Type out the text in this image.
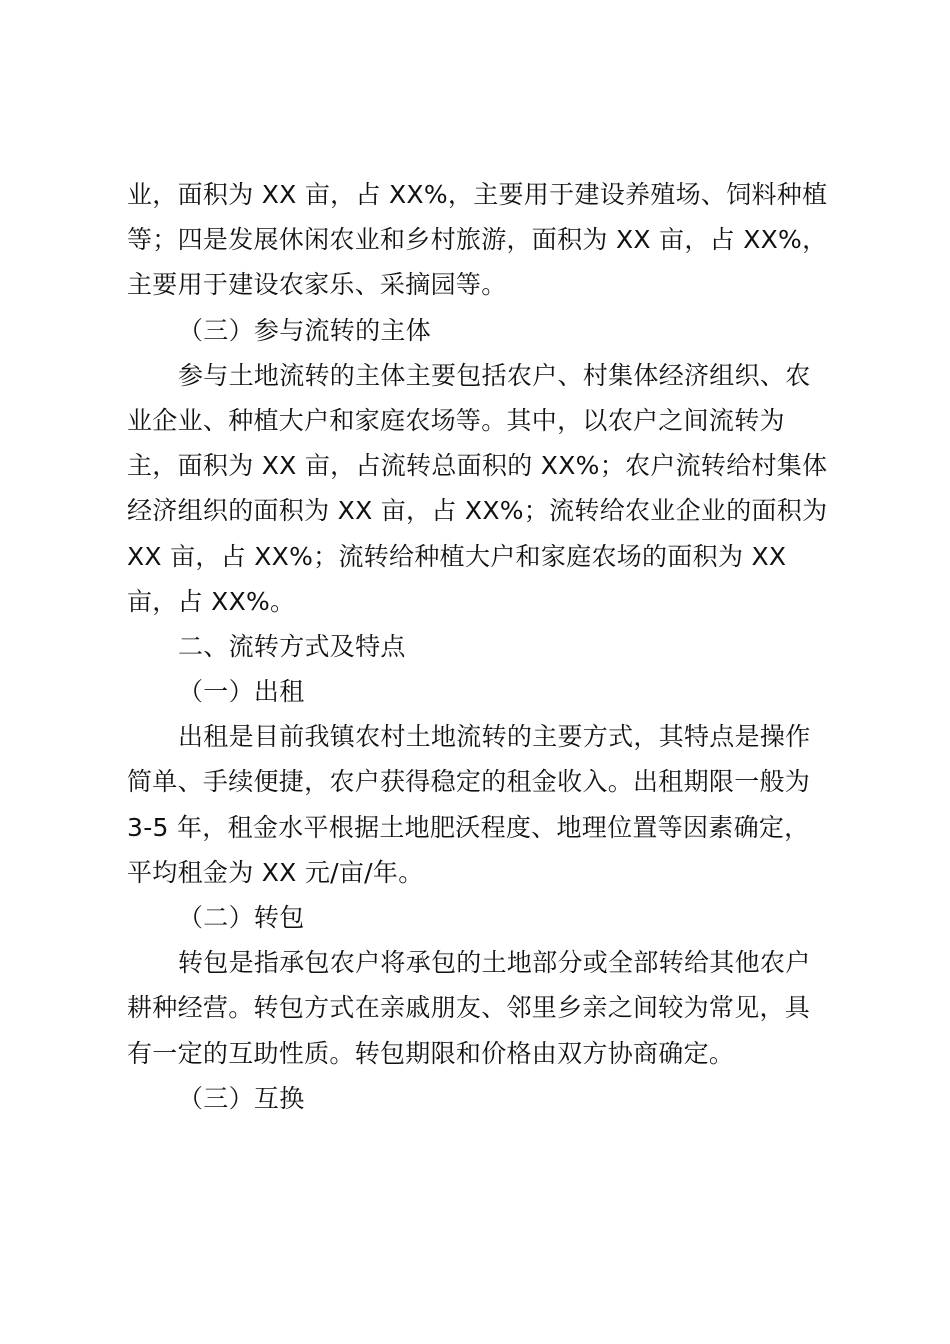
业，面积为 XX 亩，占 XX%，主要用于建设养殖场、饲料种植
等；四是发展休闲农业和乡村旅游，面积为 XX 亩，占 XX%，
主要用于建设农家乐、采摘园等。
（三）参与流转的主体
参与土地流转的主体主要包括农户、村集体经济组织、农
业企业、种植大户和家庭农场等。其中，以农户之间流转为
主，面积为 XX 亩，占流转总面积的 XX%；农户流转给村集体
经济组织的面积为 XX 亩，占 XX%；流转给农业企业的面积为
XX 亩，占 XX%；流转给种植大户和家庭农场的面积为 XX
亩，占 XX%。
二、流转方式及特点
（一）出租
出租是目前我镇农村土地流转的主要方式，其特点是操作
简单、手续便捷，农户获得稳定的租金收入。出租期限一般为
3-5 年，租金水平根据土地肥沃程度、地理位置等因素确定，
平均租金为 XX 元/亩/年。
（二）转包
转包是指承包农户将承包的土地部分或全部转给其他农户
耕种经营。转包方式在亲戚朋友、邻里乡亲之间较为常见，具
有一定的互助性质。转包期限和价格由双方协商确定。
（三）互换
